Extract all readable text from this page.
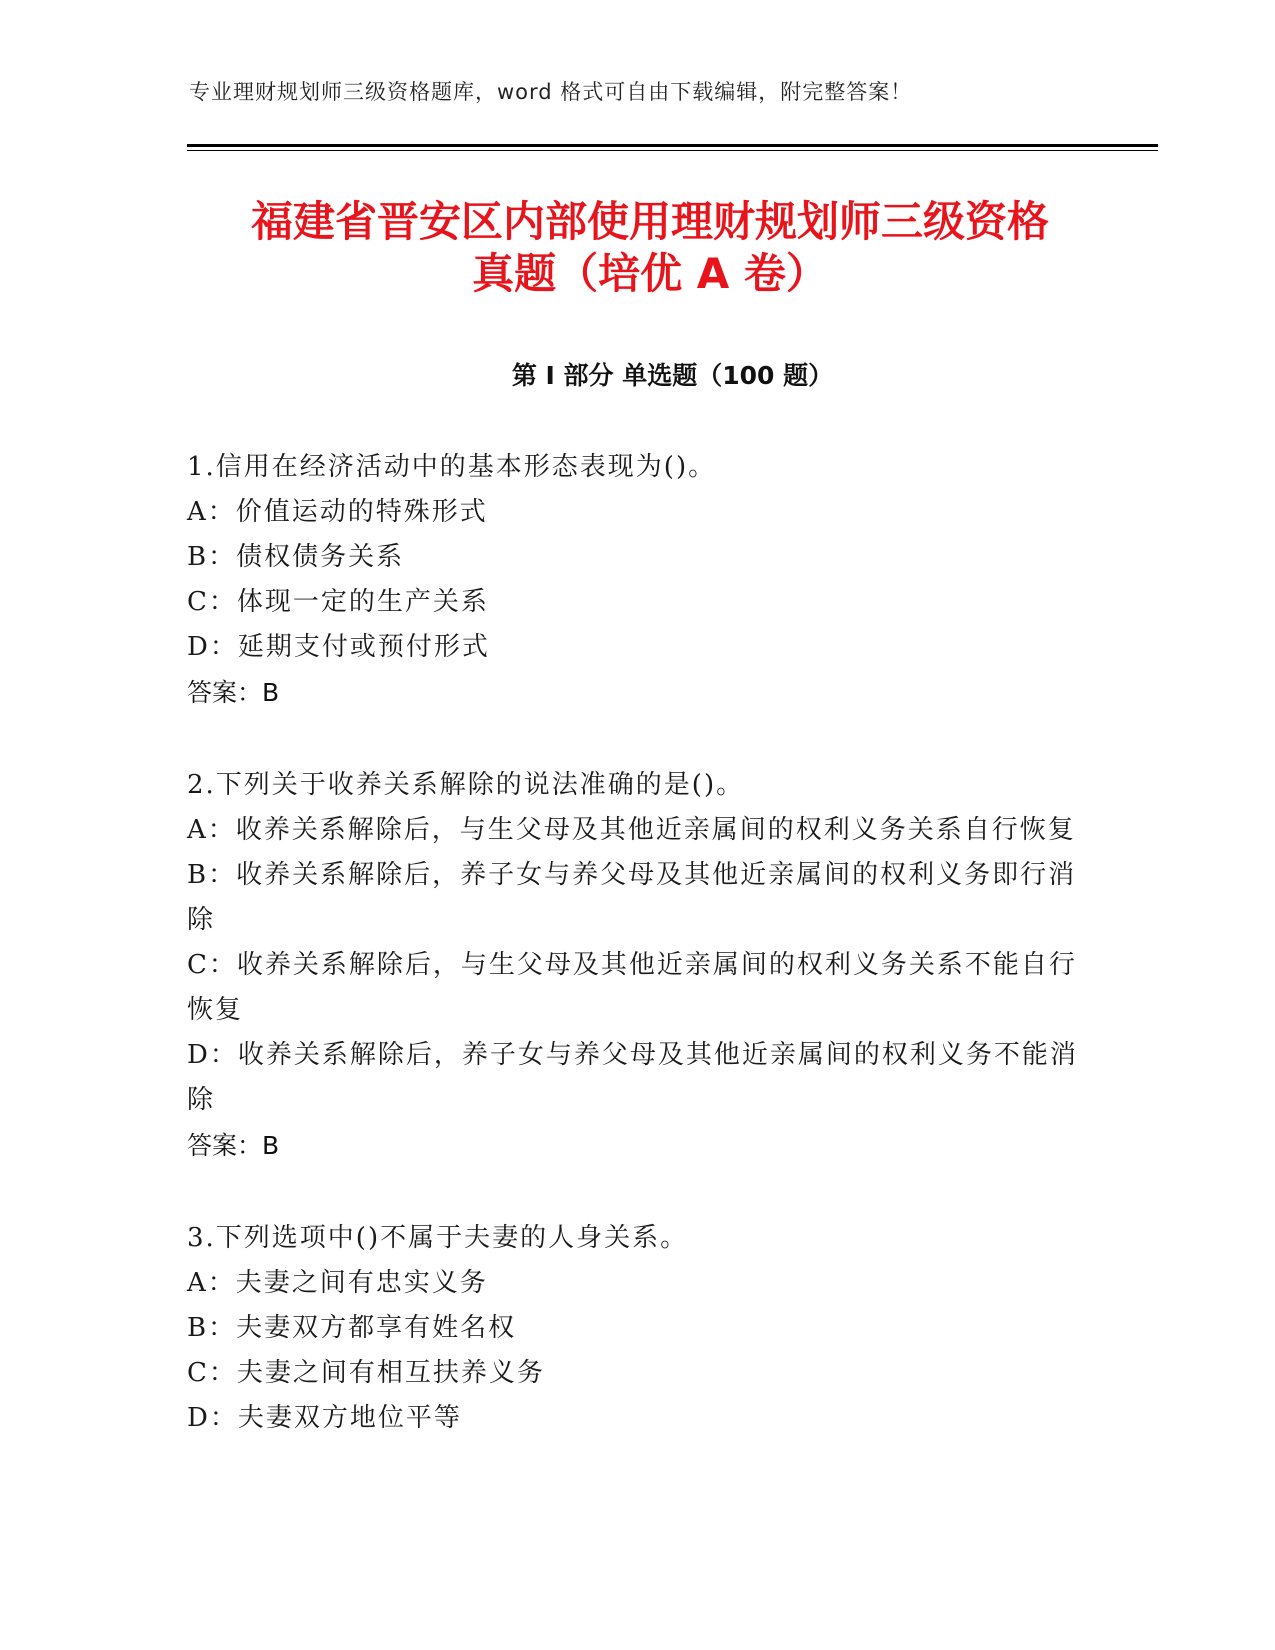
专业理财规划师三级资格题库，word 格式可自由下载编辑，附完整答案！
福建省晋安区内部使用理财规划师三级资格
真题（培优 A 卷）
第 I 部分 单选题（100 题）
1.信用在经济活动中的基本形态表现为()。
A：价值运动的特殊形式
B：债权债务关系
C：体现一定的生产关系
D：延期支付或预付形式
答案：B
2.下列关于收养关系解除的说法准确的是()。
A：收养关系解除后，与生父母及其他近亲属间的权利义务关系自行恢复
B：收养关系解除后，养子女与养父母及其他近亲属间的权利义务即行消除
C：收养关系解除后，与生父母及其他近亲属间的权利义务关系不能自行恢复
D：收养关系解除后，养子女与养父母及其他近亲属间的权利义务不能消除
答案：B
3.下列选项中()不属于夫妻的人身关系。
A：夫妻之间有忠实义务
B：夫妻双方都享有姓名权
C：夫妻之间有相互扶养义务
D：夫妻双方地位平等
